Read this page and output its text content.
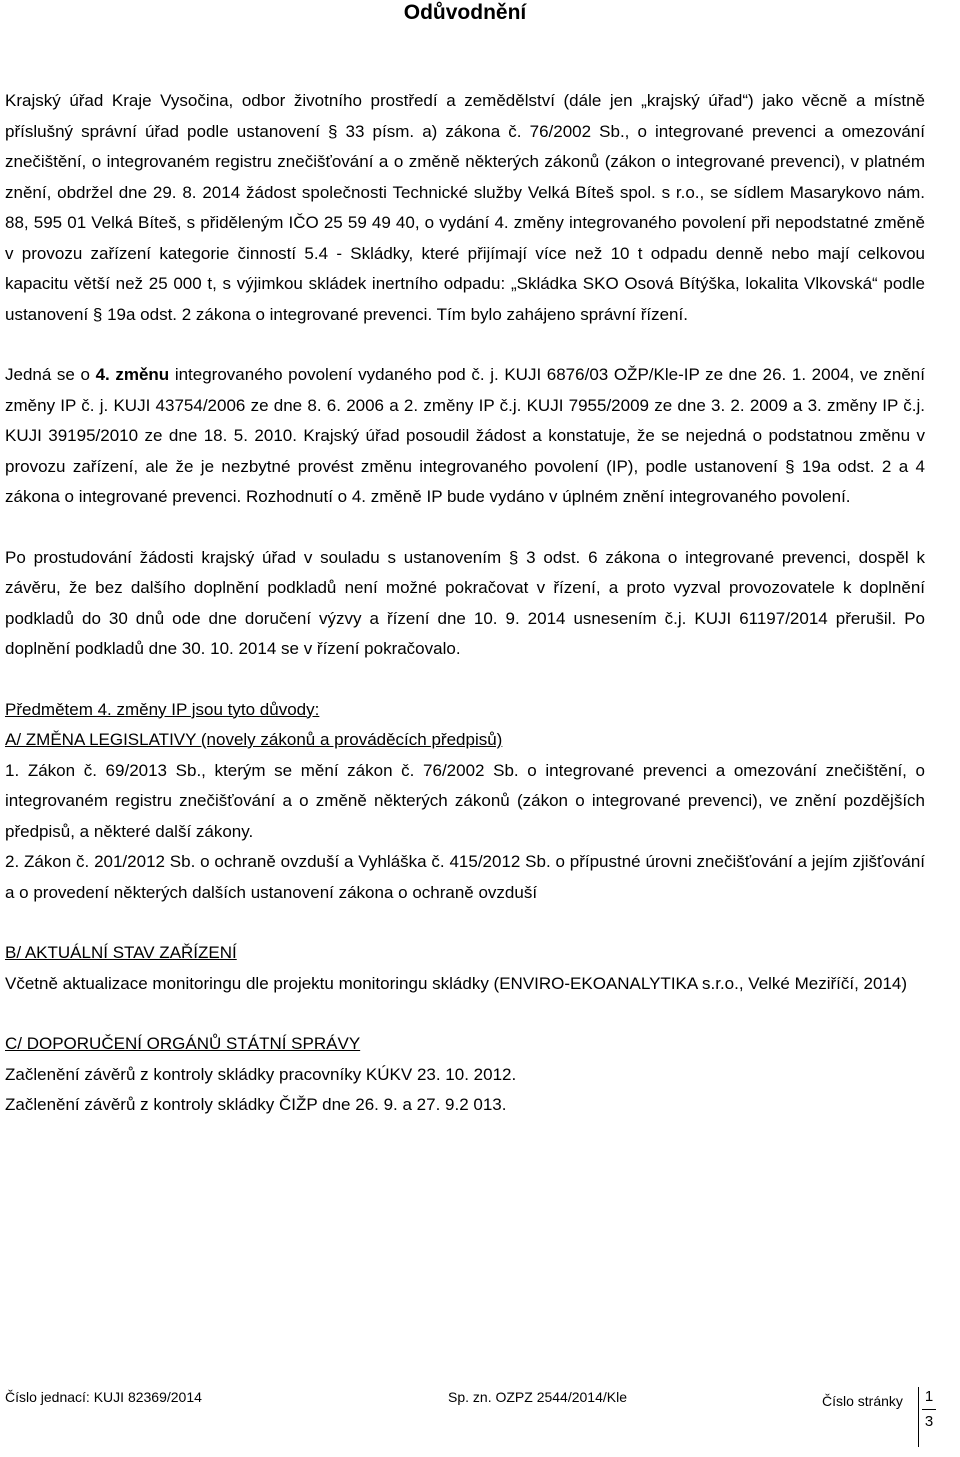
Odůvodnění

Krajský úřad Kraje Vysočina, odbor životního prostředí a zemědělství (dále jen „krajský úřad“) jako věcně a místně příslušný správní úřad podle ustanovení § 33 písm. a) zákona č. 76/2002 Sb., o integrované prevenci a omezování znečištění, o integrovaném registru znečišťování a o změně některých zákonů (zákon o integrované prevenci), v platném znění, obdržel dne 29. 8. 2014 žádost společnosti Technické služby Velká Bíteš spol. s r.o., se sídlem Masarykovo nám. 88, 595 01 Velká Bíteš, s přiděleným IČO 25 59 49 40, o vydání 4. změny integrovaného povolení při nepodstatné změně v provozu zařízení kategorie činností 5.4 - Skládky, které přijímají více než 10 t odpadu denně nebo mají celkovou kapacitu větší než 25 000 t, s výjimkou skládek inertního odpadu: „Skládka SKO Osová Bítýška, lokalita Vlkovská“ podle ustanovení § 19a odst. 2 zákona o integrované prevenci. Tím bylo zahájeno správní řízení.

Jedná se o 4. změnu integrovaného povolení vydaného pod č. j. KUJI 6876/03 OŽP/Kle-IP ze dne 26. 1. 2004, ve znění změny IP č. j. KUJI 43754/2006 ze dne 8. 6. 2006 a 2. změny IP č.j. KUJI 7955/2009 ze dne 3. 2. 2009 a 3. změny IP č.j. KUJI 39195/2010 ze dne 18. 5. 2010. Krajský úřad posoudil žádost a konstatuje, že se nejedná o podstatnou změnu v provozu zařízení, ale že je nezbytné provést změnu integrovaného povolení (IP), podle ustanovení § 19a odst. 2 a 4 zákona o integrované prevenci. Rozhodnutí o 4. změně IP bude vydáno v úplném znění integrovaného povolení.

Po prostudování žádosti krajský úřad v souladu s ustanovením § 3 odst. 6 zákona o integrované prevenci, dospěl k závěru, že bez dalšího doplnění podkladů není možné pokračovat v řízení, a proto vyzval provozovatele k doplnění podkladů do 30 dnů ode dne doručení výzvy a řízení dne 10. 9. 2014 usnesením č.j. KUJI 61197/2014 přerušil. Po doplnění podkladů dne 30. 10. 2014 se v řízení pokračovalo.

Předmětem 4. změny IP jsou tyto důvody:

A/ ZMĚNA LEGISLATIVY (novely zákonů a prováděcích předpisů)

1. Zákon č. 69/2013 Sb., kterým se mění zákon č. 76/2002 Sb. o integrované prevenci a omezování znečištění, o integrovaném registru znečišťování a o změně některých zákonů (zákon o integrované prevenci), ve znění pozdějších předpisů, a některé další zákony.

2. Zákon č. 201/2012 Sb. o ochraně ovzduší a Vyhláška č. 415/2012 Sb. o přípustné úrovni znečišťování a jejím zjišťování a o provedení některých dalších ustanovení zákona o ochraně ovzduší

B/ AKTUÁLNÍ STAV ZAŘÍZENÍ

Včetně aktualizace monitoringu dle projektu monitoringu skládky (ENVIRO-EKOANALYTIKA s.r.o., Velké Meziříčí, 2014)

C/ DOPORUČENÍ ORGÁNŮ STÁTNÍ SPRÁVY

Začlenění závěrů z kontroly skládky pracovníky KÚKV 23. 10. 2012.

Začlenění závěrů z kontroly skládky ČIŽP dne 26. 9. a 27. 9.2 013.

Číslo jednací: KUJI 82369/2014	Sp. zn. OZPZ 2544/2014/Kle	Číslo stránky 1
3
